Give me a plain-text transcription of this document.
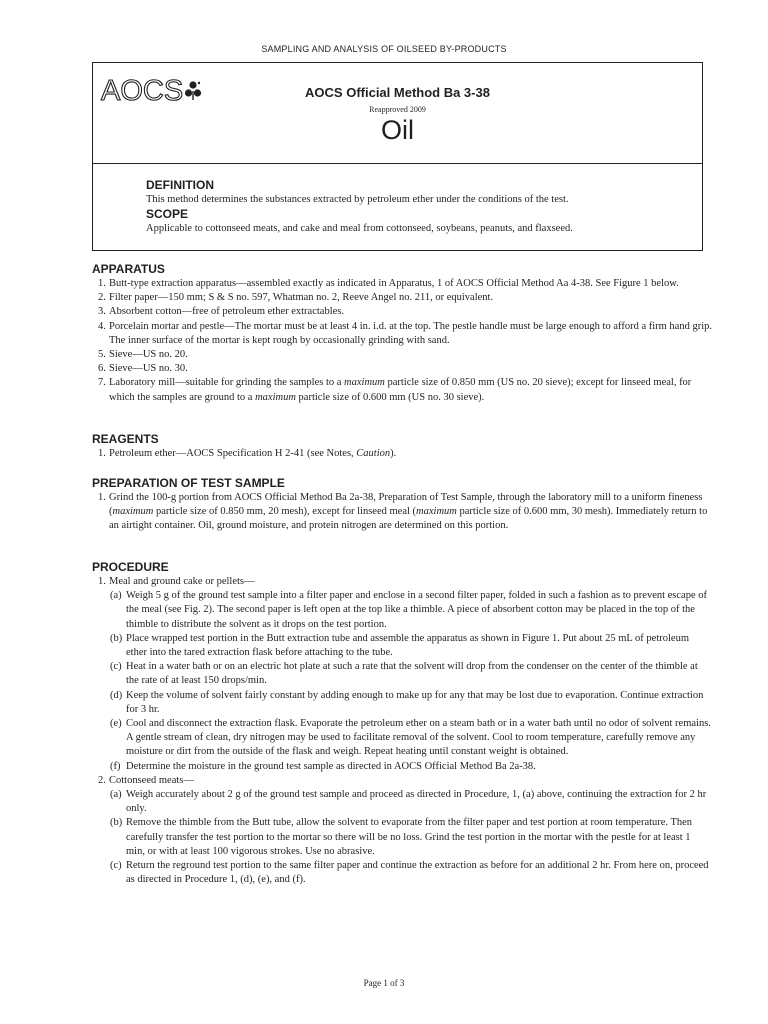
SAMPLING AND ANALYSIS OF OILSEED BY-PRODUCTS
AOCS	AOCS Official Method Ba 3-38
Reapproved 2009
Oil
DEFINITION
This method determines the substances extracted by petroleum ether under the conditions of the test.
SCOPE
Applicable to cottonseed meats, and cake and meal from cottonseed, soybeans, peanuts, and flaxseed.
APPARATUS
1. Butt-type extraction apparatus—assembled exactly as indicated in Apparatus, 1 of AOCS Official Method Aa 4-38. See Figure 1 below.
2. Filter paper—150 mm; S & S no. 597, Whatman no. 2, Reeve Angel no. 211, or equivalent.
3. Absorbent cotton—free of petroleum ether extractables.
4. Porcelain mortar and pestle—The mortar must be at least 4 in. i.d. at the top. The pestle handle must be large enough to afford a firm hand grip. The inner surface of the mortar is kept rough by occasionally grinding with sand.
5. Sieve—US no. 20.
6. Sieve—US no. 30.
7. Laboratory mill—suitable for grinding the samples to a maximum particle size of 0.850 mm (US no. 20 sieve); except for linseed meal, for which the samples are ground to a maximum particle size of 0.600 mm (US no. 30 sieve).
REAGENTS
1. Petroleum ether—AOCS Specification H 2-41 (see Notes, Caution).
PREPARATION OF TEST SAMPLE
1. Grind the 100-g portion from AOCS Official Method Ba 2a-38, Preparation of Test Sample, through the laboratory mill to a uniform fineness (maximum particle size of 0.850 mm, 20 mesh), except for linseed meal (maximum particle size of 0.600 mm, 30 mesh). Immediately return to an airtight container. Oil, ground moisture, and protein nitrogen are determined on this portion.
PROCEDURE
1. Meal and ground cake or pellets—
(a) Weigh 5 g of the ground test sample into a filter paper and enclose in a second filter paper, folded in such a fashion as to prevent escape of the meal (see Fig. 2). The second paper is left open at the top like a thimble. A piece of absorbent cotton may be placed in the top of the thimble to distribute the solvent as it drops on the test portion.
(b) Place wrapped test portion in the Butt extraction tube and assemble the apparatus as shown in Figure 1. Put about 25 mL of petroleum ether into the tared extraction flask before attaching to the tube.
(c) Heat in a water bath or on an electric hot plate at such a rate that the solvent will drop from the condenser on the center of the thimble at the rate of at least 150 drops/min.
(d) Keep the volume of solvent fairly constant by adding enough to make up for any that may be lost due to evaporation. Continue extraction for 3 hr.
(e) Cool and disconnect the extraction flask. Evaporate the petroleum ether on a steam bath or in a water bath until no odor of solvent remains. A gentle stream of clean, dry nitrogen may be used to facilitate removal of the solvent. Cool to room temperature, carefully remove any moisture or dirt from the outside of the flask and weigh. Repeat heating until constant weight is obtained.
(f) Determine the moisture in the ground test sample as directed in AOCS Official Method Ba 2a-38.
2. Cottonseed meats—
(a) Weigh accurately about 2 g of the ground test sample and proceed as directed in Procedure, 1, (a) above, continuing the extraction for 2 hr only.
(b) Remove the thimble from the Butt tube, allow the solvent to evaporate from the filter paper and test portion at room temperature. Then carefully transfer the test portion to the mortar so there will be no loss. Grind the test portion in the mortar with the pestle for at least 1 min, or with at least 100 vigorous strokes. Use no abrasive.
(c) Return the reground test portion to the same filter paper and continue the extraction as before for an additional 2 hr. From here on, proceed as directed in Procedure 1, (d), (e), and (f).
Page 1 of 3
